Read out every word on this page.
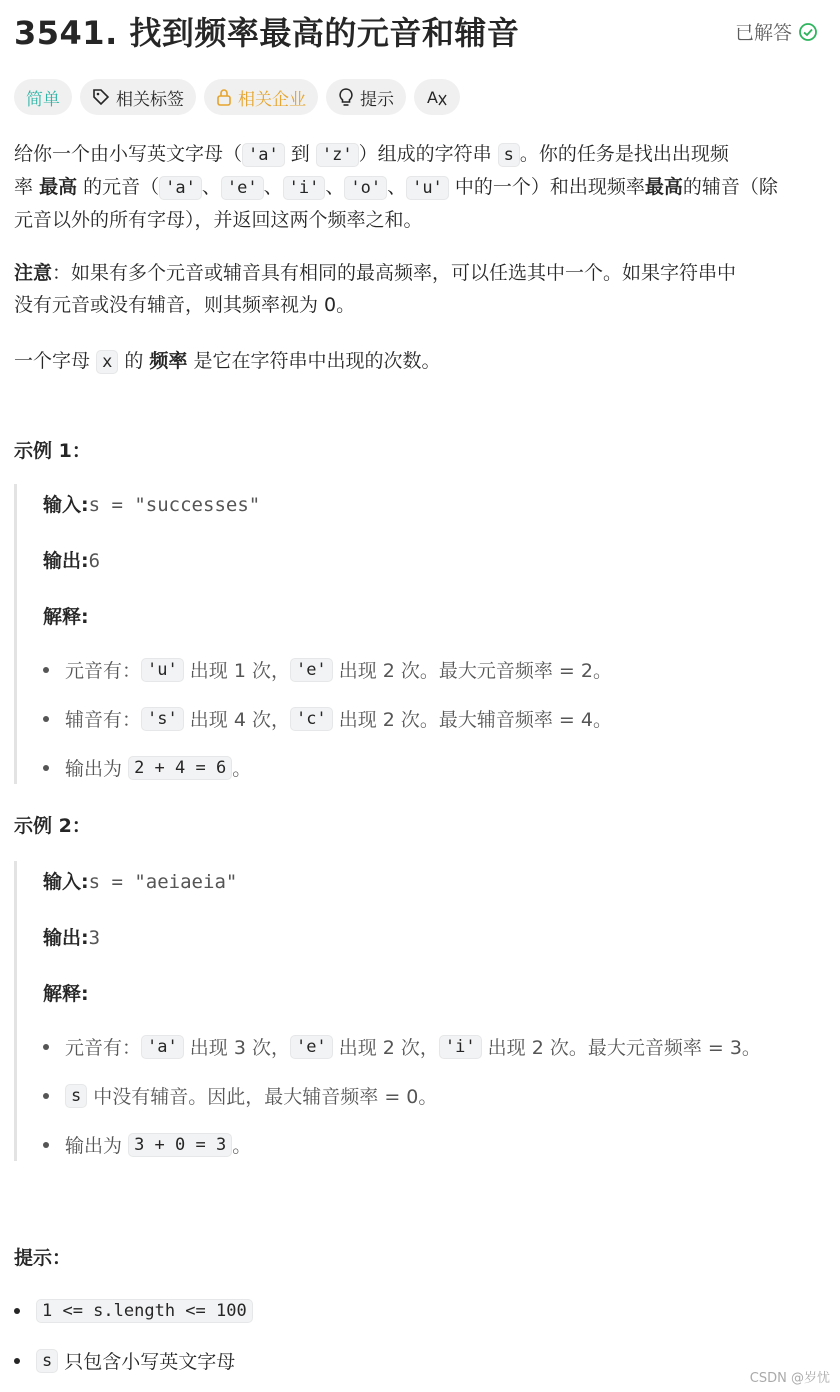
3541. 找到频率最高的元音和辅音	已解答
简单	相关标签	相关企业	提示 A
给你一个由小写英文字母（ 'a' 到 'z' ）组成的字符串 s 。你的任务是找出出现频
率 最高 的元音（ 'a' 、 'e' 、 'i' 、 'o' 、 'u' 中的一个）和出现频率最高的辅音（除
元音以外的所有字母），并返回这两个频率之和。
注意：如果有多个元音或辅音具有相同的最高频率，可以任选其中一个。如果字符串中
没有元音或没有辅音，则其频率视为 0。
一个字母 x 的 频率 是它在字符串中出现的次数。
示例 1：
输入:s = "successes"
输出:6
解释:
元音有： 'u'
出现 1 次， 'e'
出现 2 次。最大元音频率 = 2。
辅音有： 's'
出现 4 次， 'c'
出现 2 次。最大辅音频率 = 4。
输出为
2 + 4 = 6 。
示例 2：
输入:s = "aeiaeia"
输出:3
解释:
元音有： 'a'
出现 3 次， 'e'
出现 2 次， 'i'
出现 2 次。最大元音频率 = 3。
s
中没有辅音。因此，最大辅音频率 = 0。
输出为
3 + 0 = 3 。
提示：
1 <= s.length <= 100
s
只包含小写英文字母
CSDN @岁忧
